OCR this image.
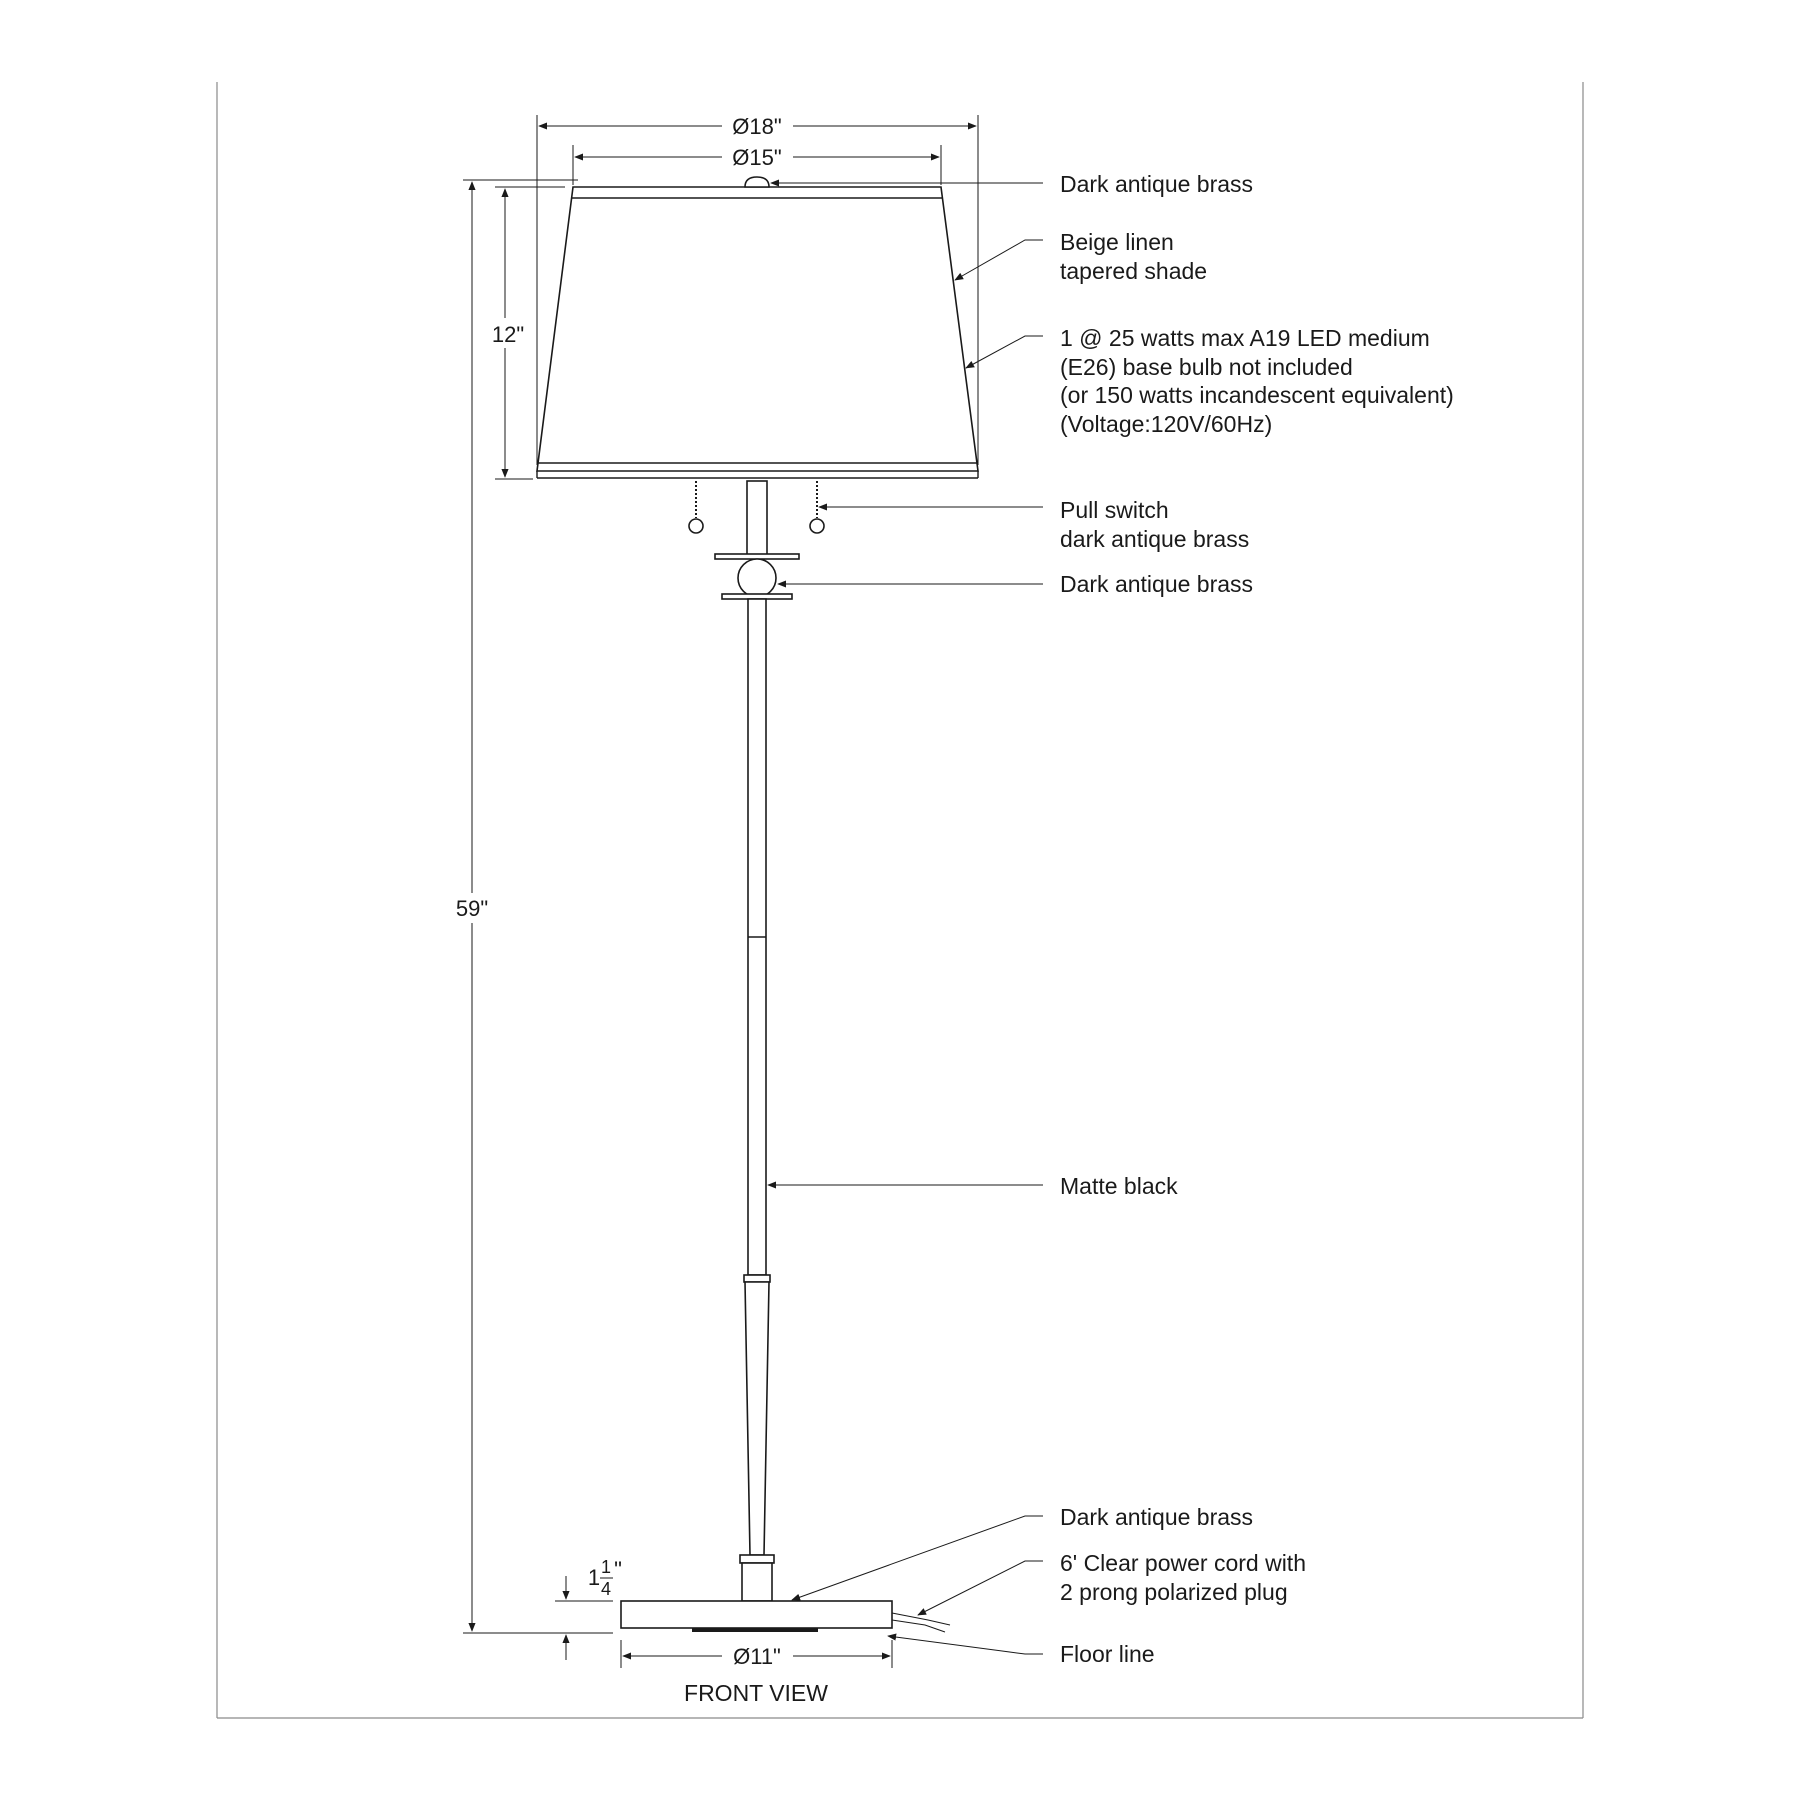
Ø18"
Ø15"
12"
59"
1 1
4
"
Ø11"
FRONT VIEW
Dark antique brass
Beige linen
tapered shade
1 @ 25 watts max A19 LED medium
(E26) base bulb not included
(or 150 watts incandescent equivalent)
(Voltage:120V/60Hz)
Pull switch
dark antique brass
Dark antique brass
Matte black
Dark antique brass
6' Clear power cord with
2 prong polarized plug
Floor line
